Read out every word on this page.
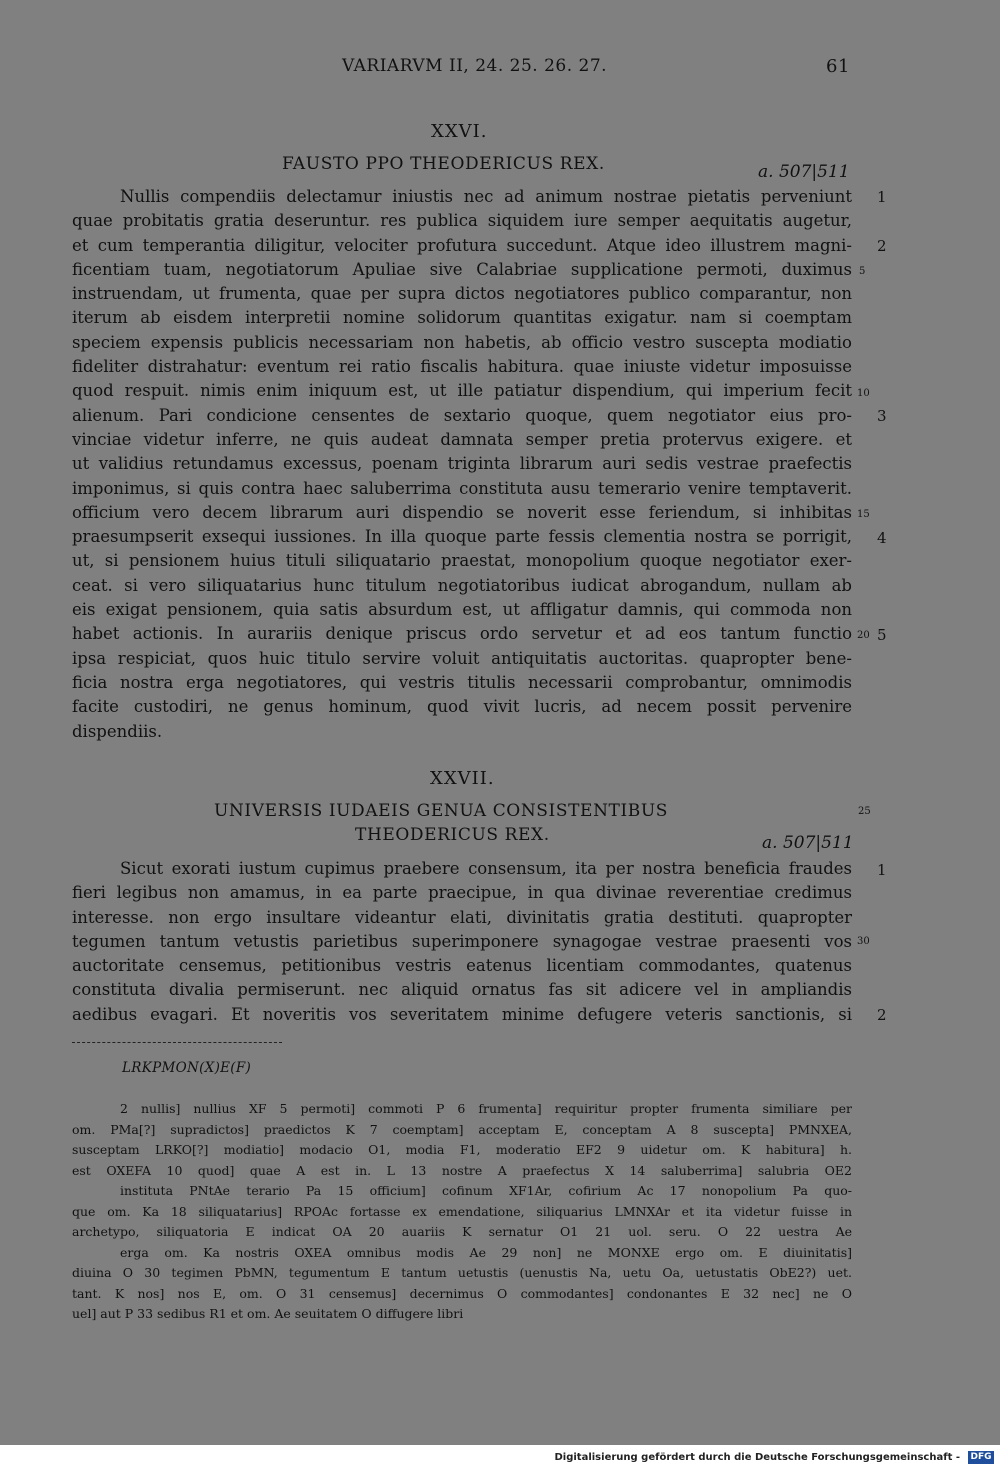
VARIARVM II, 24. 25. 26. 27.	61
XXVI.
FAUSTO PPO THEODERICUS REX.	a. 507|511
Nullis compendiis delectamur iniustis nec ad animum nostrae pietatis perveniunt
quae probitatis gratia deseruntur. res publica siquidem iure semper aequitatis augetur,
et cum temperantia diligitur, velociter profutura succedunt. Atque ideo illustrem magni-
ficentiam tuam, negotiatorum Apuliae sive Calabriae supplicatione permoti, duximus
instruendam, ut frumenta, quae per supra dictos negotiatores publico comparantur, non
iterum ab eisdem interpretii nomine solidorum quantitas exigatur. nam si coemptam
speciem expensis publicis necessariam non habetis, ab officio vestro suscepta modiatio
fideliter distrahatur: eventum rei ratio fiscalis habitura. quae iniuste videtur imposuisse
quod respuit. nimis enim iniquum est, ut ille patiatur dispendium, qui imperium fecit
alienum. Pari condicione censentes de sextario quoque, quem negotiator eius pro-
vinciae videtur inferre, ne quis audeat damnata semper pretia protervus exigere. et
ut validius retundamus excessus, poenam triginta librarum auri sedis vestrae praefectis
imponimus, si quis contra haec saluberrima constituta ausu temerario venire temptaverit.
officium vero decem librarum auri dispendio se noverit esse feriendum, si inhibitas
praesumpserit exsequi iussiones. In illa quoque parte fessis clementia nostra se porrigit,
ut, si pensionem huius tituli siliquatario praestat, monopolium quoque negotiator exer-
ceat. si vero siliquatarius hunc titulum negotiatoribus iudicat abrogandum, nullam ab
eis exigat pensionem, quia satis absurdum est, ut affligatur damnis, qui commoda non
habet actionis. In aurariis denique priscus ordo servetur et ad eos tantum functio
ipsa respiciat, quos huic titulo servire voluit antiquitatis auctoritas. quapropter bene-
ficia nostra erga negotiatores, qui vestris titulis necessarii comprobantur, omnimodis
facite custodiri, ne genus hominum, quod vivit lucris, ad necem possit pervenire
dispendiis.
1
2
3
4
5
5
10
15
20
XXVII.
UNIVERSIS IUDAEIS GENUA CONSISTENTIBUS
THEODERICUS REX.	a. 507|511
25
Sicut exorati iustum cupimus praebere consensum, ita per nostra beneficia fraudes
fieri legibus non amamus, in ea parte praecipue, in qua divinae reverentiae credimus
interesse. non ergo insultare videantur elati, divinitatis gratia destituti. quapropter
tegumen tantum vetustis parietibus superimponere synagogae vestrae praesenti vos
auctoritate censemus, petitionibus vestris eatenus licentiam commodantes, quatenus
constituta divalia permiserunt. nec aliquid ornatus fas sit adicere vel in ampliandis
aedibus evagari. Et noveritis vos severitatem minime defugere veteris sanctionis, si
1
2
30
LRKPMON(X)E(F)
2 nullis] nullius XF 5 permoti] commoti P 6 frumenta] requiritur propter frumenta similiare per
om. PMa[?] supradictos] praedictos K 7 coemptam] acceptam E, conceptam A 8 suscepta] PMNXEA,
susceptam LRKO[?] modiatio] modacio O1, modia F1, moderatio EF2 9 uidetur om. K habitura] h.
est OXEFA 10 quod] quae A est in. L 13 nostre A praefectus X 14 saluberrima] salubria OE2
instituta PNtAe terario Pa 15 officium] cofinum XF1Ar, cofirium Ac 17 nonopolium Pa quo-
que om. Ka 18 siliquatarius] RPOAc fortasse ex emendatione, siliquarius LMNXAr et ita videtur fuisse in
archetypo, siliquatoria E indicat OA 20 auariis K sernatur O1 21 uol. seru. O 22 uestra Ae
erga om. Ka nostris OXEA omnibus modis Ae 29 non] ne MONXE ergo om. E diuinitatis]
diuina O 30 tegimen PbMN, tegumentum E tantum uetustis (uenustis Na, uetu Oa, uetustatis ObE2?) uet.
tant. K nos] nos E, om. O 31 censemus] decernimus O commodantes] condonantes E 32 nec] ne O
uel] aut P 33 sedibus R1 et om. Ae seuitatem O diffugere libri
Digitalisierung gefördert durch die Deutsche Forschungsgemeinschaft - DFG
